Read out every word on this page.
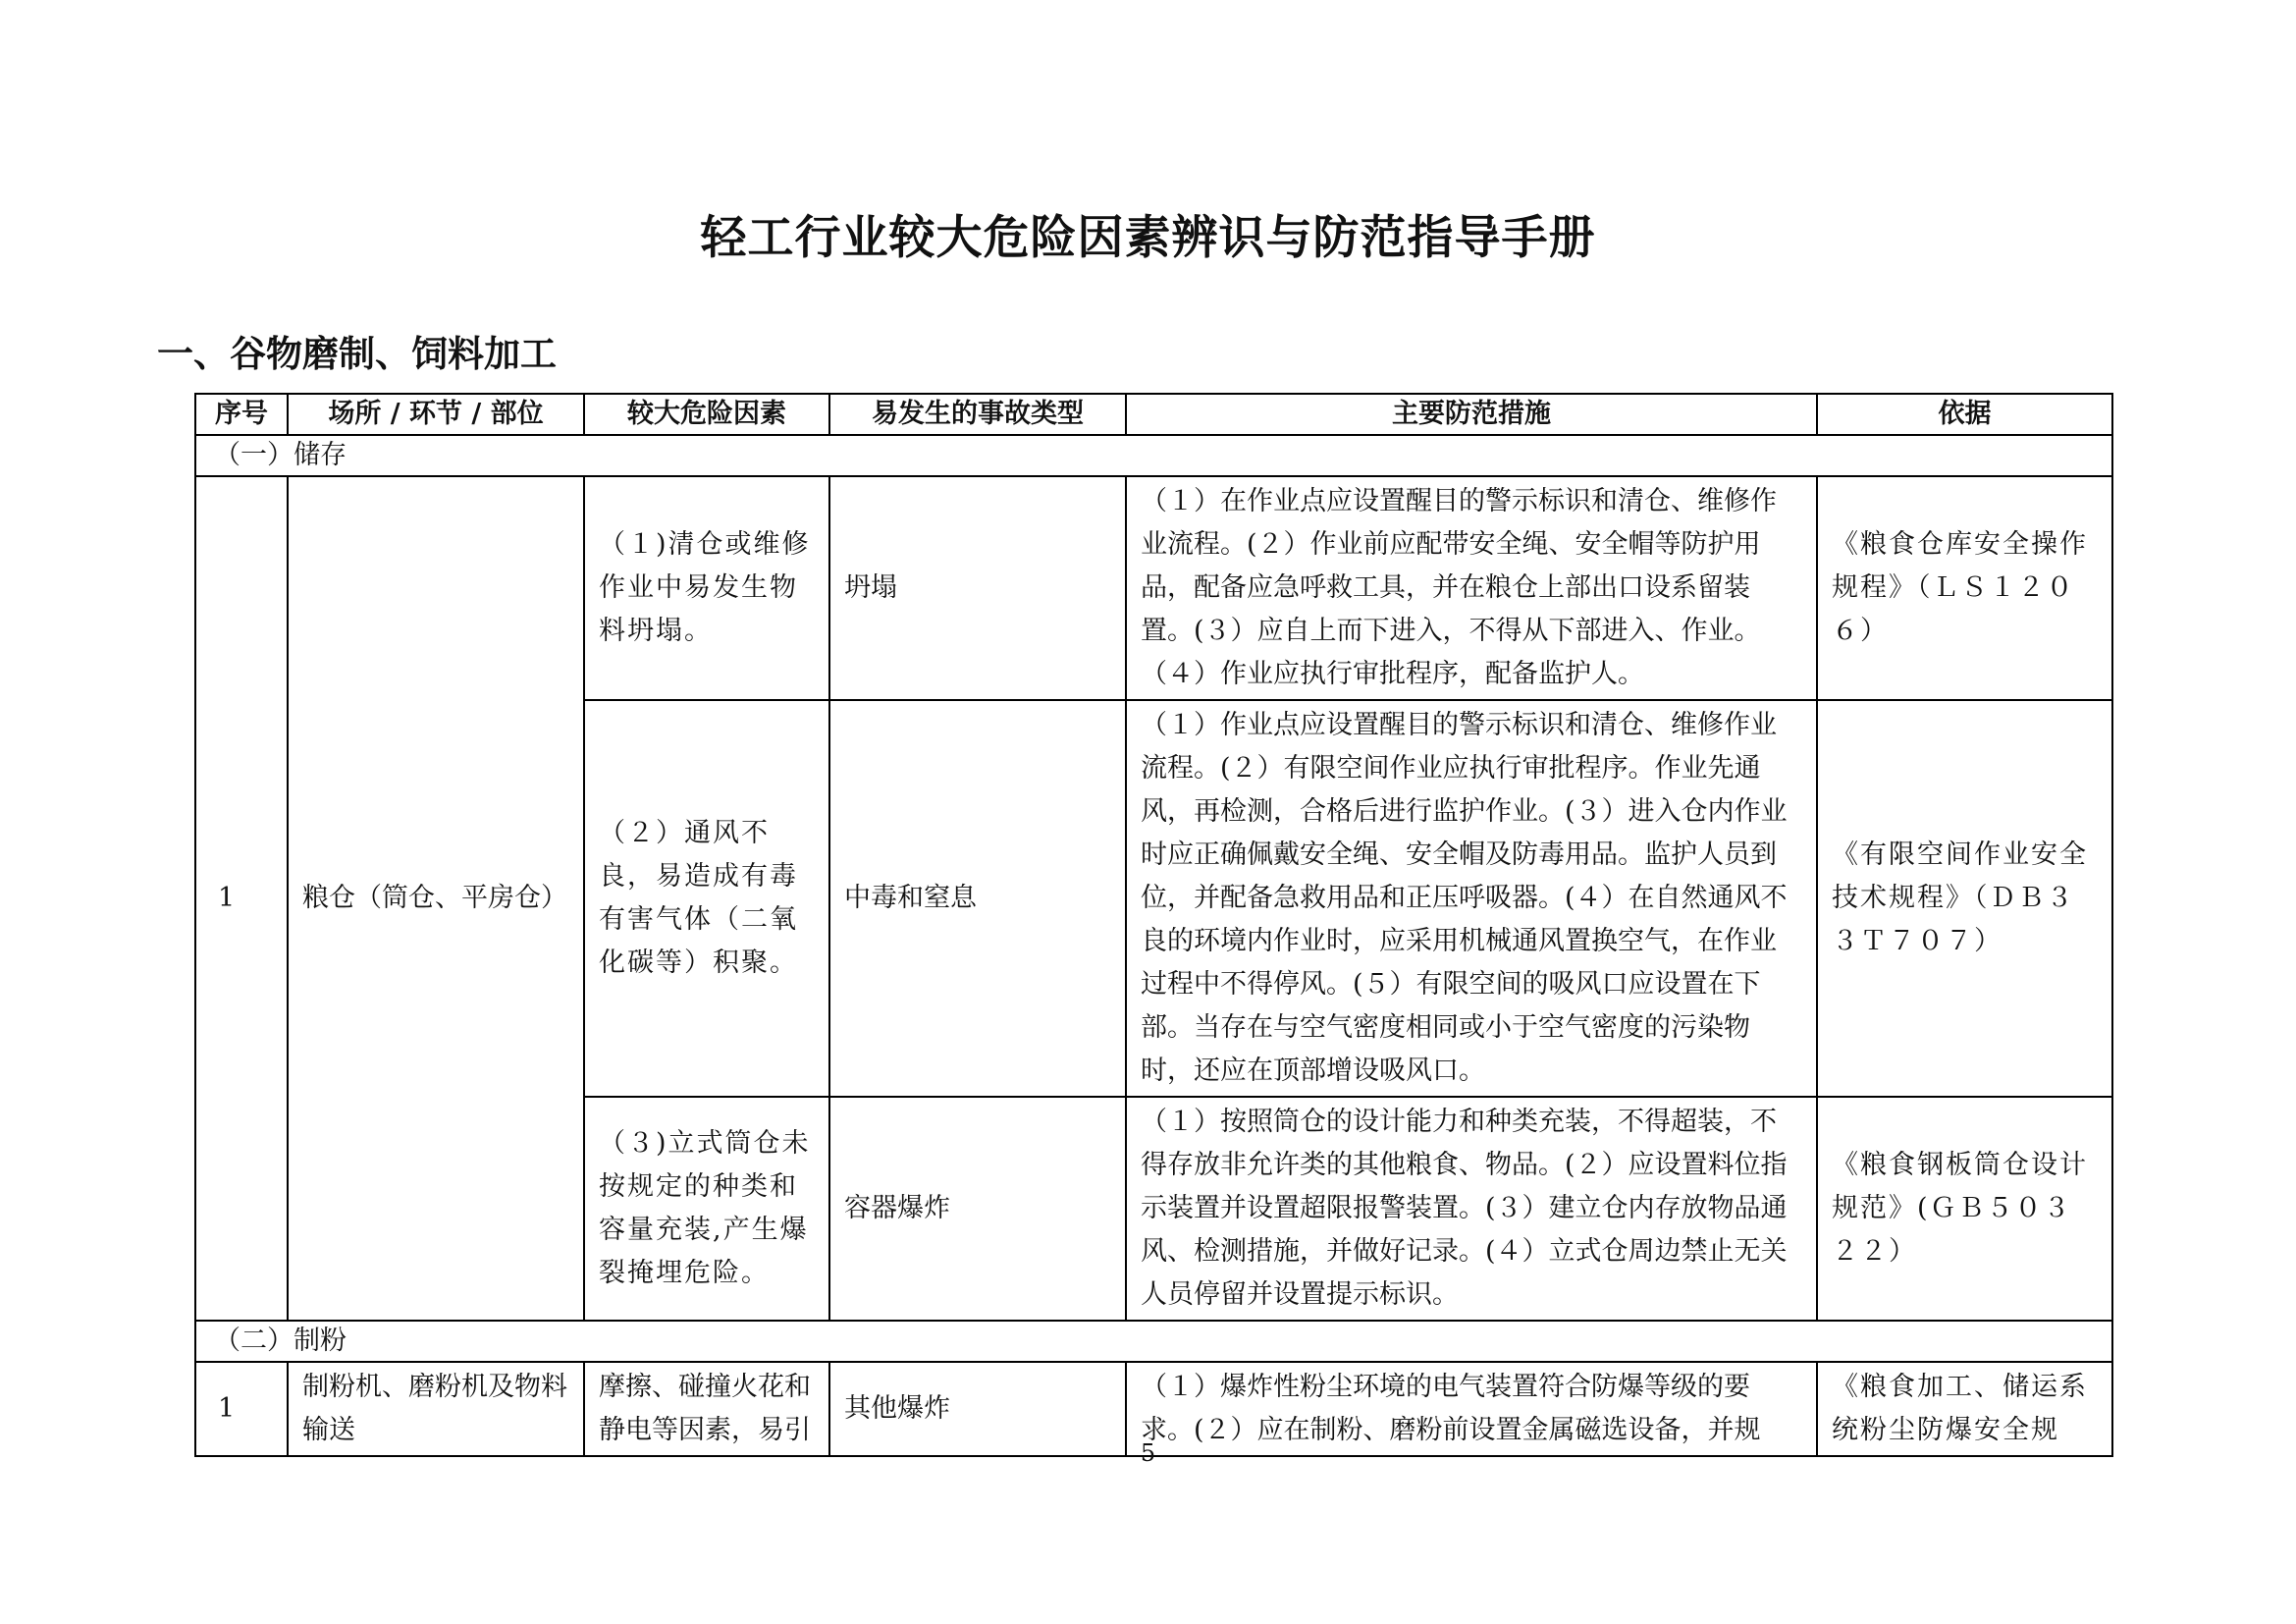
轻工行业较大危险因素辨识与防范指导手册
一、谷物磨制、饲料加工
序号	场所 / 环节 / 部位	较大危险因素	易发生的事故类型	主要防范措施	依据
（一）储存					
1	粮仓（筒仓、平房仓）	（１)清仓或维修作业中易发生物料坍塌。	坍塌	（１）在作业点应设置醒目的警示标识和清仓、维修作业流程。(２）作业前应配带安全绳、安全帽等防护用品，配备应急呼救工具，并在粮仓上部出口设系留装置。(３）应自上而下进入，不得从下部进入、作业。（４）作业应执行审批程序，配备监护人。	《粮食仓库安全操作规程》（ＬＳ１２０６）
		（２）通风不良，易造成有毒有害气体（二氧化碳等）积聚。	中毒和窒息	（１）作业点应设置醒目的警示标识和清仓、维修作业流程。(２）有限空间作业应执行审批程序。作业先通风，再检测，合格后进行监护作业。(３）进入仓内作业时应正确佩戴安全绳、安全帽及防毒用品。监护人员到位，并配备急救用品和正压呼吸器。(４）在自然通风不良的环境内作业时，应采用机械通风置换空气，在作业过程中不得停风。(５）有限空间的吸风口应设置在下部。当存在与空气密度相同或小于空气密度的污染物时，还应在顶部增设吸风口。	《有限空间作业安全技术规程》（ＤＢ３３Ｔ７０７）
		（３)立式筒仓未按规定的种类和容量充装,产生爆裂掩埋危险。	容器爆炸	（１）按照筒仓的设计能力和种类充装，不得超装，不得存放非允许类的其他粮食、物品。(２）应设置料位指示装置并设置超限报警装置。(３）建立仓内存放物品通风、检测措施，并做好记录。(４）立式仓周边禁止无关人员停留并设置提示标识。	《粮食钢板筒仓设计规范》(ＧＢ５０３２２）
（二）制粉					
1	制粉机、磨粉机及物料输送	摩擦、碰撞火花和静电等因素，易引	其他爆炸	（１）爆炸性粉尘环境的电气装置符合防爆等级的要求。(２）应在制粉、磨粉前设置金属磁选设备，并规	《粮食加工、储运系统粉尘防爆安全规
5
